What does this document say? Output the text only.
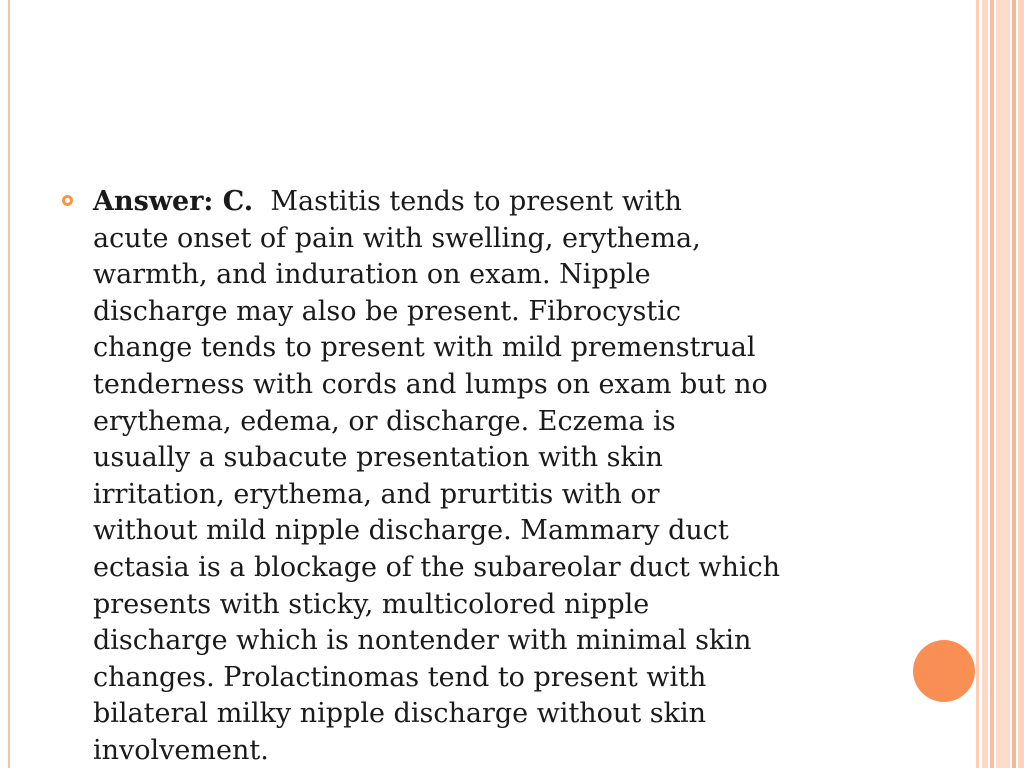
Answer: C. Mastitis tends to present with
acute onset of pain with swelling, erythema,
warmth, and induration on exam. Nipple
discharge may also be present. Fibrocystic
change tends to present with mild premenstrual
tenderness with cords and lumps on exam but no
erythema, edema, or discharge. Eczema is
usually a subacute presentation with skin
irritation, erythema, and prurtitis with or
without mild nipple discharge. Mammary duct
ectasia is a blockage of the subareolar duct which
presents with sticky, multicolored nipple
discharge which is nontender with minimal skin
changes. Prolactinomas tend to present with
bilateral milky nipple discharge without skin
involvement.
